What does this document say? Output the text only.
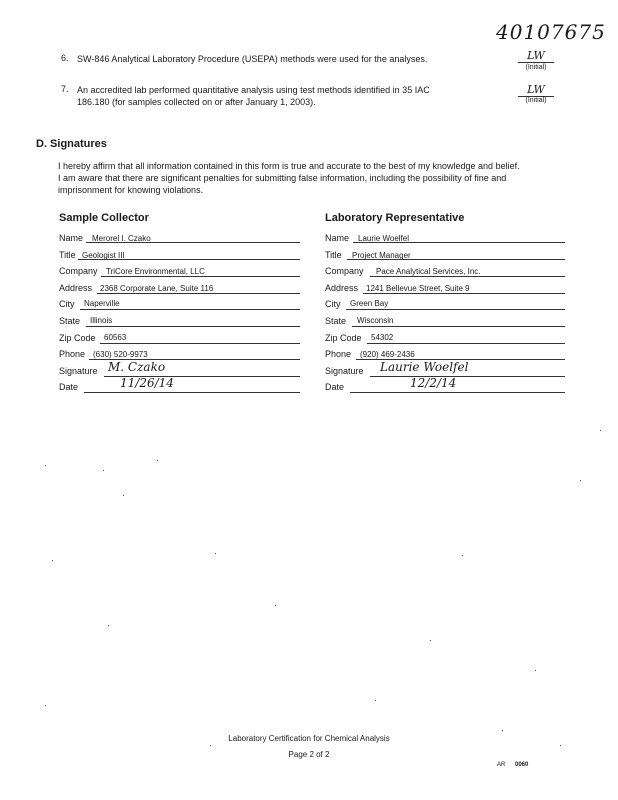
40107675
6. SW-846 Analytical Laboratory Procedure (USEPA) methods were used for the analyses.	LW
(Initial)
7. An accredited lab performed quantitative analysis using test methods identified in 35 IAC
186.180 (for samples collected on or after January 1, 2003).
LW
(Initial)
D. Signatures
I hereby affirm that all information contained in this form is true and accurate to the best of my knowledge and belief.
I am aware that there are significant penalties for submitting false information, including the possibility of fine and
imprisonment for knowing violations.
Sample Collector	Laboratory Representative
Name Merorel I. Czako
Title Geologist III
Company TriCore Environmental, LLC
Address 2368 Corporate Lane, Suite 116
City Naperville
State Illinois
Zip Code 60563
Phone (630) 520-9973
Signature M. Czako
Date	11/26/14
Name Laurie Woelfel
Title Project Manager
Company Pace Analytical Services, Inc.
Address 1241 Bellevue Street, Suite 9
City Green Bay
State Wisconsin
Zip Code 54302
Phone (920) 469-2436
Signature Laurie Woelfel
Date	12/2/14
Laboratory Certification for Chemical Analysis
Page 2 of 2
AR 0060
